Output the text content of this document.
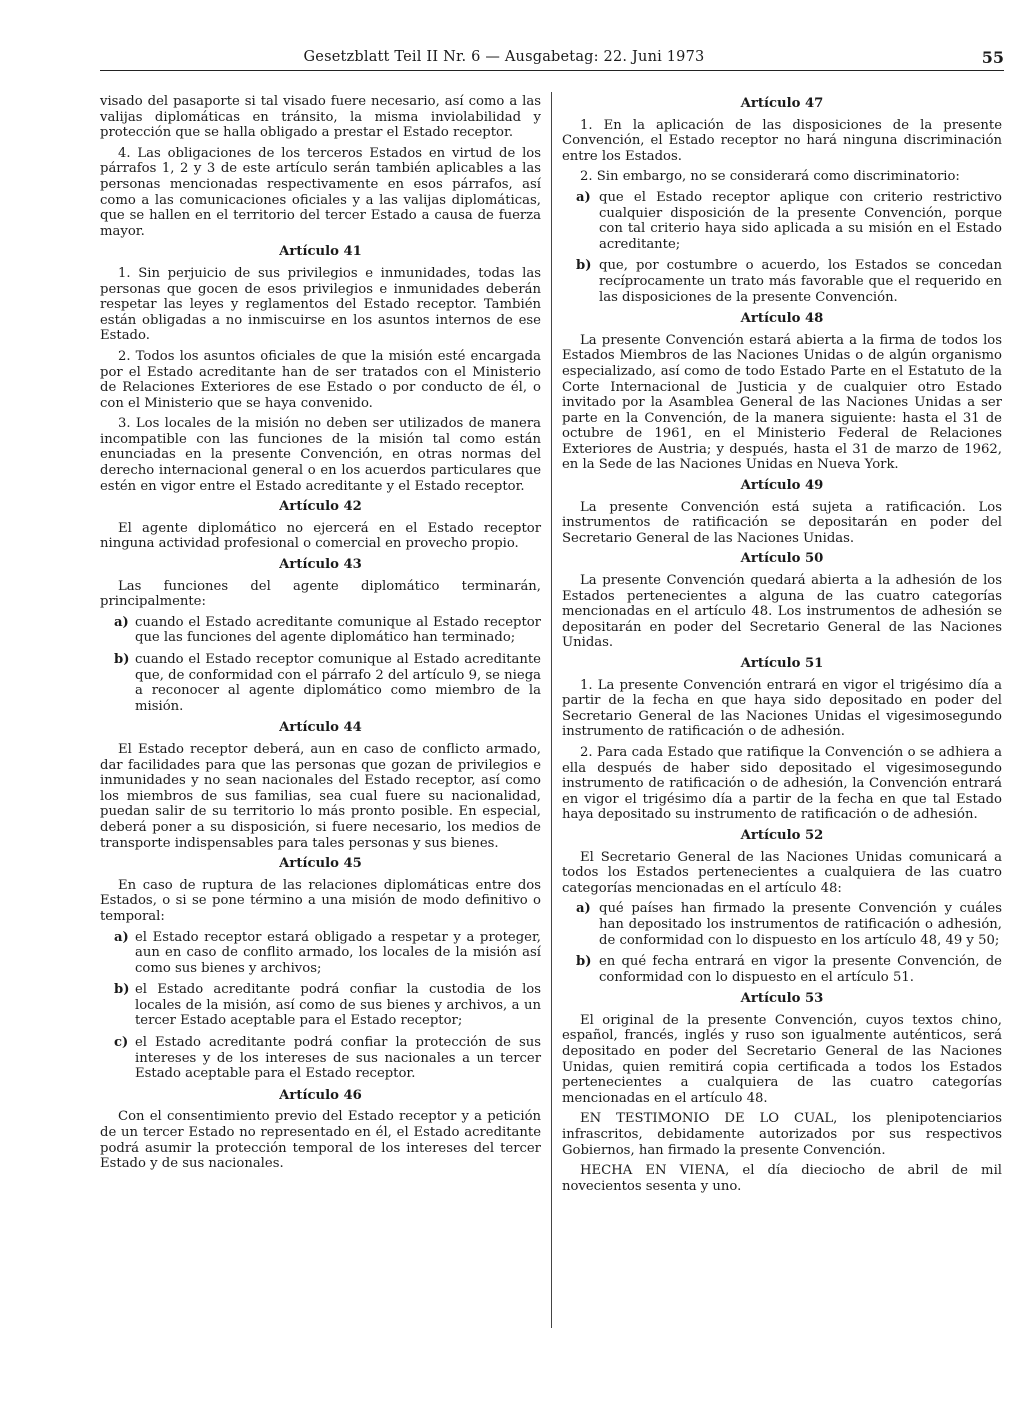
Gesetzblatt Teil II Nr. 6 — Ausgabetag: 22. Juni 1973	55

visado del pasaporte si tal visado fuere necesario, así como a las valijas diplomáticas en tránsito, la misma inviolabilidad y protección que se halla obligado a prestar el Estado receptor.

4. Las obligaciones de los terceros Estados en virtud de los párrafos 1, 2 y 3 de este artículo serán también aplicables a las personas mencionadas respectivamente en esos párrafos, así como a las comunicaciones oficiales y a las valijas diplomáticas, que se hallen en el territorio del tercer Estado a causa de fuerza mayor.

Artículo 41

1. Sin perjuicio de sus privilegios e inmunidades, todas las personas que gocen de esos privilegios e inmunidades deberán respetar las leyes y reglamentos del Estado receptor. También están obligadas a no inmiscuirse en los asuntos internos de ese Estado.

2. Todos los asuntos oficiales de que la misión esté encargada por el Estado acreditante han de ser tratados con el Ministerio de Relaciones Exteriores de ese Estado o por conducto de él, o con el Ministerio que se haya convenido.

3. Los locales de la misión no deben ser utilizados de manera incompatible con las funciones de la misión tal como están enunciadas en la presente Convención, en otras normas del derecho internacional general o en los acuerdos particulares que estén en vigor entre el Estado acreditante y el Estado receptor.

Artículo 42

El agente diplomático no ejercerá en el Estado receptor ninguna actividad profesional o comercial en provecho propio.

Artículo 43

Las funciones del agente diplomático terminarán, principalmente:

a) cuando el Estado acreditante comunique al Estado receptor que las funciones del agente diplomático han terminado;
b) cuando el Estado receptor comunique al Estado acreditante que, de conformidad con el párrafo 2 del artículo 9, se niega a reconocer al agente diplomático como miembro de la misión.
Artículo 44

El Estado receptor deberá, aun en caso de conflicto armado, dar facilidades para que las personas que gozan de privilegios e inmunidades y no sean nacionales del Estado receptor, así como los miembros de sus familias, sea cual fuere su nacionalidad, puedan salir de su territorio lo más pronto posible. En especial, deberá poner a su disposición, si fuere necesario, los medios de transporte indispensables para tales personas y sus bienes.

Artículo 45

En caso de ruptura de las relaciones diplomáticas entre dos Estados, o si se pone término a una misión de modo definitivo o temporal:

a) el Estado receptor estará obligado a respetar y a proteger, aun en caso de conflito armado, los locales de la misión así como sus bienes y archivos;
b) el Estado acreditante podrá confiar la custodia de los locales de la misión, así como de sus bienes y archivos, a un tercer Estado aceptable para el Estado receptor;
c) el Estado acreditante podrá confiar la protección de sus intereses y de los intereses de sus nacionales a un tercer Estado aceptable para el Estado receptor.
Artículo 46

Con el consentimiento previo del Estado receptor y a petición de un tercer Estado no representado en él, el Estado acreditante podrá asumir la protección temporal de los intereses del tercer Estado y de sus nacionales.

Artículo 47

1. En la aplicación de las disposiciones de la presente Convención, el Estado receptor no hará ninguna discriminación entre los Estados.

2. Sin embargo, no se considerará como discriminatorio:

a) que el Estado receptor aplique con criterio restrictivo cualquier disposición de la presente Convención, porque con tal criterio haya sido aplicada a su misión en el Estado acreditante;
b) que, por costumbre o acuerdo, los Estados se concedan recíprocamente un trato más favorable que el requerido en las disposiciones de la presente Convención.
Artículo 48

La presente Convención estará abierta a la firma de todos los Estados Miembros de las Naciones Unidas o de algún organismo especializado, así como de todo Estado Parte en el Estatuto de la Corte Internacional de Justicia y de cualquier otro Estado invitado por la Asamblea General de las Naciones Unidas a ser parte en la Convención, de la manera siguiente: hasta el 31 de octubre de 1961, en el Ministerio Federal de Relaciones Exteriores de Austria; y después, hasta el 31 de marzo de 1962, en la Sede de las Naciones Unidas en Nueva York.

Artículo 49

La presente Convención está sujeta a ratificación. Los instrumentos de ratificación se depositarán en poder del Secretario General de las Naciones Unidas.

Artículo 50

La presente Convención quedará abierta a la adhesión de los Estados pertenecientes a alguna de las cuatro categorías mencionadas en el artículo 48. Los instrumentos de adhesión se depositarán en poder del Secretario General de las Naciones Unidas.

Artículo 51

1. La presente Convención entrará en vigor el trigésimo día a partir de la fecha en que haya sido depositado en poder del Secretario General de las Naciones Unidas el vigesimosegundo instrumento de ratificación o de adhesión.

2. Para cada Estado que ratifique la Convención o se adhiera a ella después de haber sido depositado el vigesimosegundo instrumento de ratificación o de adhesión, la Convención entrará en vigor el trigésimo día a partir de la fecha en que tal Estado haya depositado su instrumento de ratificación o de adhesión.

Artículo 52

El Secretario General de las Naciones Unidas comunicará a todos los Estados pertenecientes a cualquiera de las cuatro categorías mencionadas en el artículo 48:

a) qué países han firmado la presente Convención y cuáles han depositado los instrumentos de ratificación o adhesión, de conformidad con lo dispuesto en los artículo 48, 49 y 50;
b) en qué fecha entrará en vigor la presente Convención, de conformidad con lo dispuesto en el artículo 51.
Artículo 53

El original de la presente Convención, cuyos textos chino, español, francés, inglés y ruso son igualmente auténticos, será depositado en poder del Secretario General de las Naciones Unidas, quien remitirá copia certificada a todos los Estados pertenecientes a cualquiera de las cuatro categorías mencionadas en el artículo 48.

EN TESTIMONIO DE LO CUAL, los plenipotenciarios infrascritos, debidamente autorizados por sus respectivos Gobiernos, han firmado la presente Convención.

HECHA EN VIENA, el día dieciocho de abril de mil novecientos sesenta y uno.
